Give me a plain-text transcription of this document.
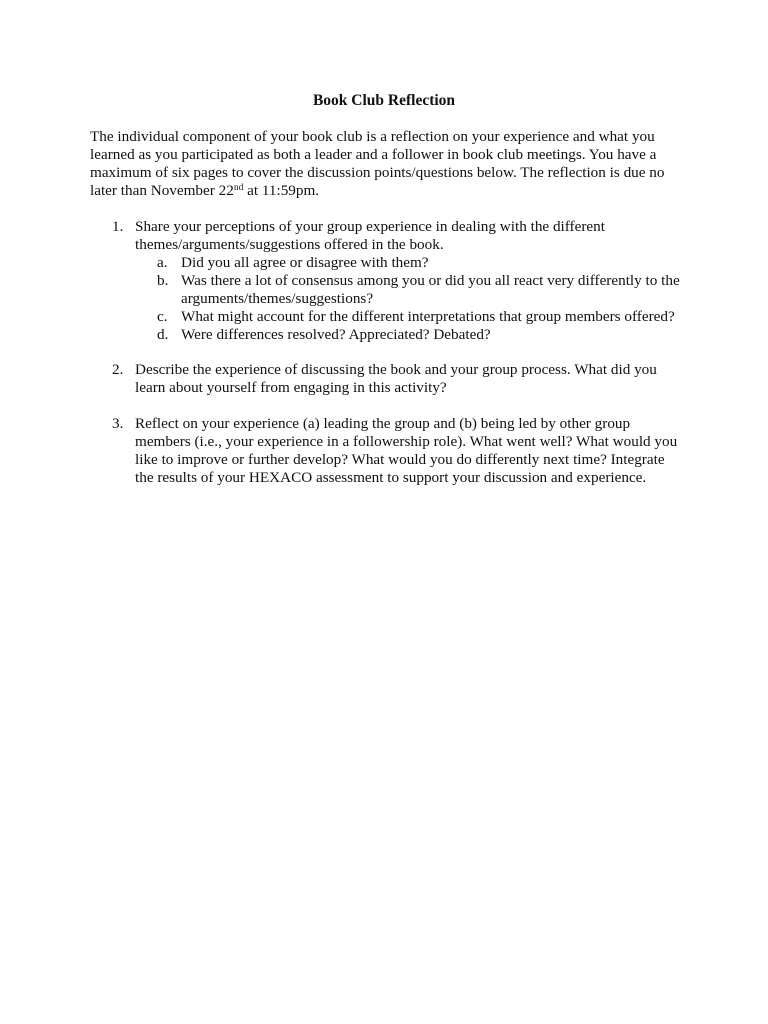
Book Club Reflection

The individual component of your book club is a reflection on your experience and what you

learned as you participated as both a leader and a follower in book club meetings. You have a

maximum of six pages to cover the discussion points/questions below. The reflection is due no

later than November 22nd at 11:59pm.

1. Share your perceptions of your group experience in dealing with the different

themes/arguments/suggestions offered in the book.

a. Did you all agree or disagree with them?

b. Was there a lot of consensus among you or did you all react very differently to the

arguments/themes/suggestions?

c. What might account for the different interpretations that group members offered?

d. Were differences resolved? Appreciated? Debated?

2. Describe the experience of discussing the book and your group process. What did you

learn about yourself from engaging in this activity?

3. Reflect on your experience (a) leading the group and (b) being led by other group

members (i.e., your experience in a followership role). What went well? What would you

like to improve or further develop? What would you do differently next time? Integrate

the results of your HEXACO assessment to support your discussion and experience.
